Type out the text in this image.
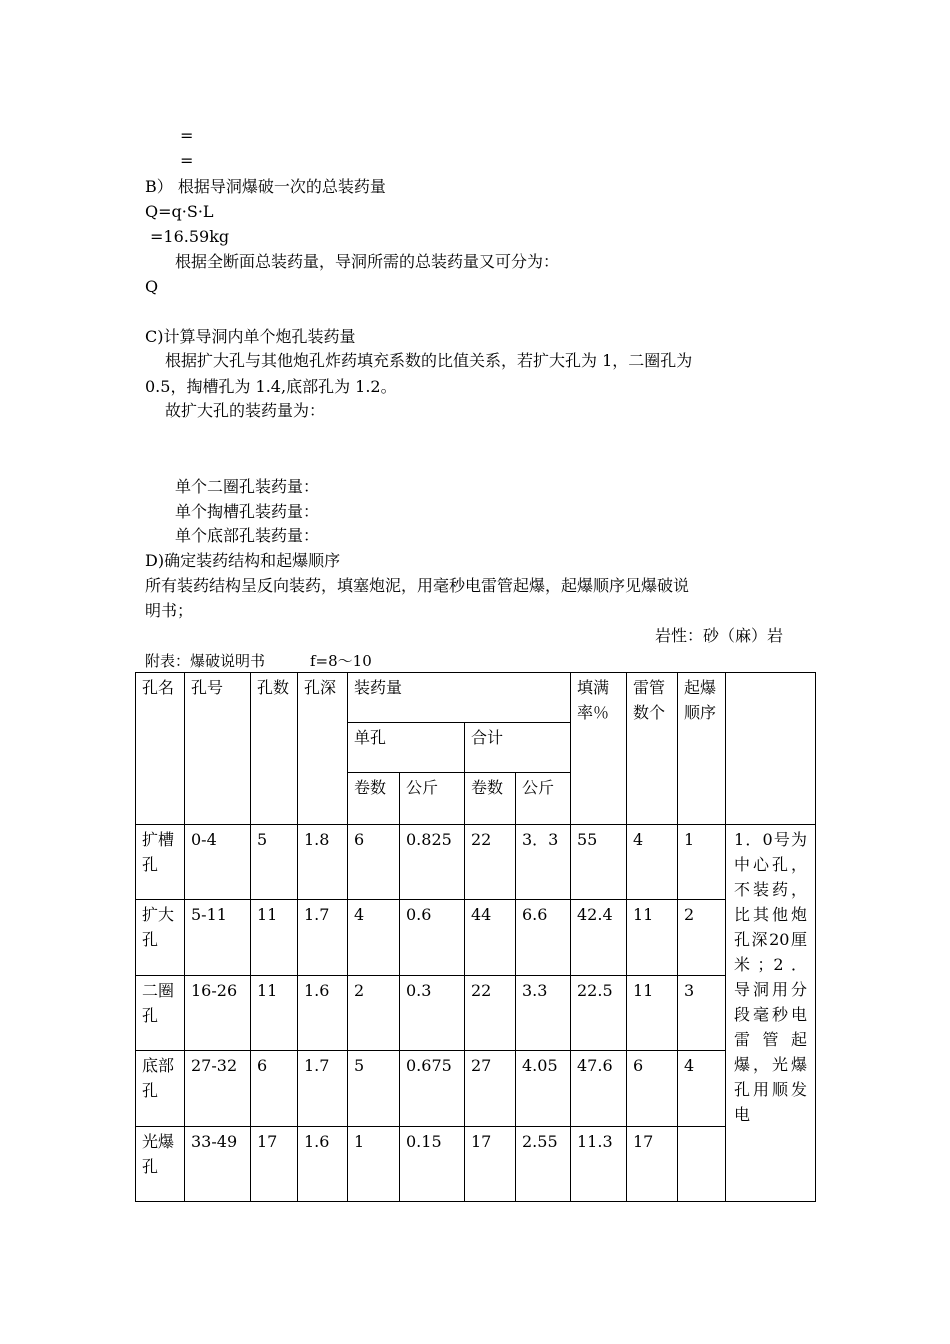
=
=
B） 根据导洞爆破一次的总装药量
Q=q·S·L
=16.59kg
根据全断面总装药量，导洞所需的总装药量又可分为：
Q
C)计算导洞内单个炮孔装药量
根据扩大孔与其他炮孔炸药填充系数的比值关系，若扩大孔为 1，二圈孔为
0.5，掏槽孔为 1.4,底部孔为 1.2。
故扩大孔的装药量为：
单个二圈孔装药量：
单个掏槽孔装药量：
单个底部孔装药量：
D)确定装药结构和起爆顺序
所有装药结构呈反向装药，填塞炮泥，用毫秒电雷管起爆，起爆顺序见爆破说
明书；
岩性：砂（麻）岩
附表：爆破说明书	f=8～10
孔名	孔号	孔数	孔深	装药量				填满率％	雷管数个	起爆顺序	
				单孔		合计					
				卷数	公斤	卷数	公斤				
扩槽孔	0-4	5	1.8	6	0.825	22	3．3	55	4	1	1．0号为中心孔，不装药，比其他炮孔深20厘米；2．导洞用分段毫秒电雷管起爆，光爆孔用顺发电
扩大孔	5-11	11	1.7	4	0.6	44	6.6	42.4	11	2	
二圈孔	16-26	11	1.6	2	0.3	22	3.3	22.5	11	3	
底部孔	27-32	6	1.7	5	0.675	27	4.05	47.6	6	4	
光爆孔	33-49	17	1.6	1	0.15	17	2.55	11.3	17		
